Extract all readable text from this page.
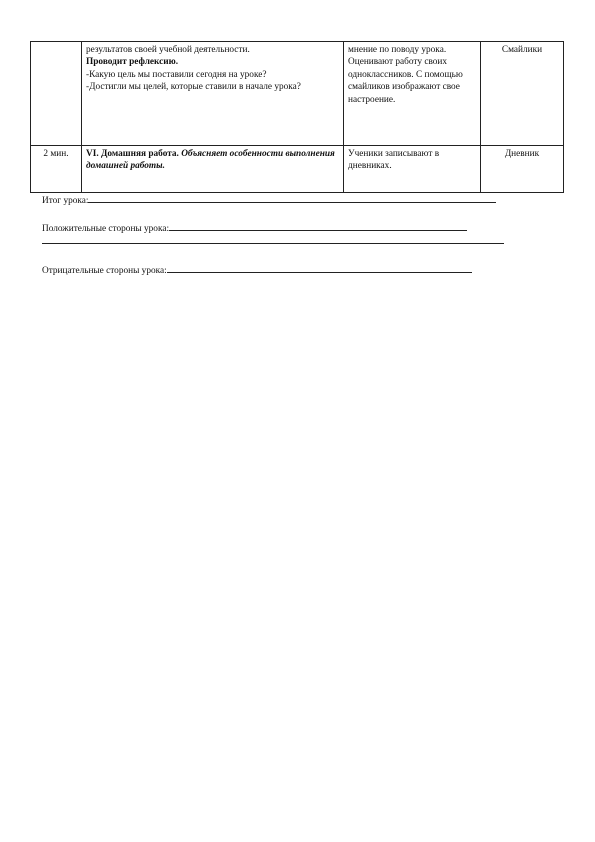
	результатов своей учебной деятельности.
Проводит рефлексию.
-Какую цель мы поставили сегодня на уроке?
-Достигли мы целей, которые ставили в начале урока?	мнение по поводу урока. Оценивают работу своих одноклассников. С помощью смайликов изображают свое настроение.	Смайлики
2 мин.	VI. Домашняя работа. Объясняет особенности выполнения домашней работы.	Ученики записывают в дневниках.	Дневник
Итог урока:
Положительные стороны урока:
Отрицательные стороны урока:
